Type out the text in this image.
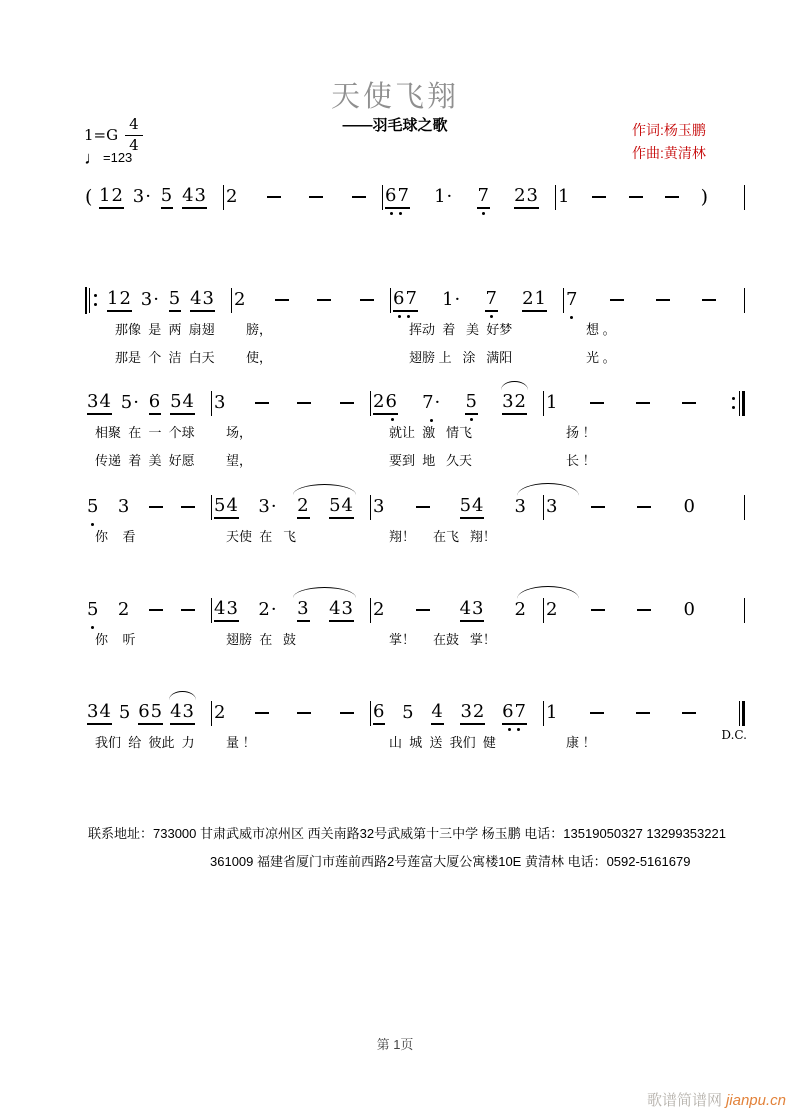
天使飞翔
——羽毛球之歌	作词:杨玉鹏
作曲:黄清林
$1=G \frac{4}{4}$
♩ =123
( 12 3· 5 43 2	67 1· 7 23 1	)
12 3· 5 43 2	67 1· 7 21 7
那像  是  两  扇翅	膀，	挥动  着   美  好梦	想 。
那是  个  洁  白天	使，	翅膀 上   涂   满阳	光 。
34 5· 6 54 3	26 7· 5 32 1
相聚  在  一  个球	场，	就让  激   情飞	扬 ！
传递  着  美  好愿	望，	要到  地   久天	长 ！
5 3	54 3· 2 54 3	54 3 3	0
你    看	天使  在   飞	翔！     在飞   翔！
5 2	43 2· 3 43 2	43 2 2	0
你    听	翅膀  在   鼓	掌！     在鼓   掌！
34 5 65 43 2	6 5 4 32 67 1
D.C.
我们  给  彼此  力	量 ！	山  城  送  我们  健	康 ！
联系地址：733000 甘肃武威市凉州区 西关南路32号武威第十三中学 杨玉鹏 电话：13519050327 13299353221
361009 福建省厦门市莲前西路2号莲富大厦公寓楼10E 黄清林 电话：0592-5161679
第 1页
歌谱简谱网 jianpu.cn
